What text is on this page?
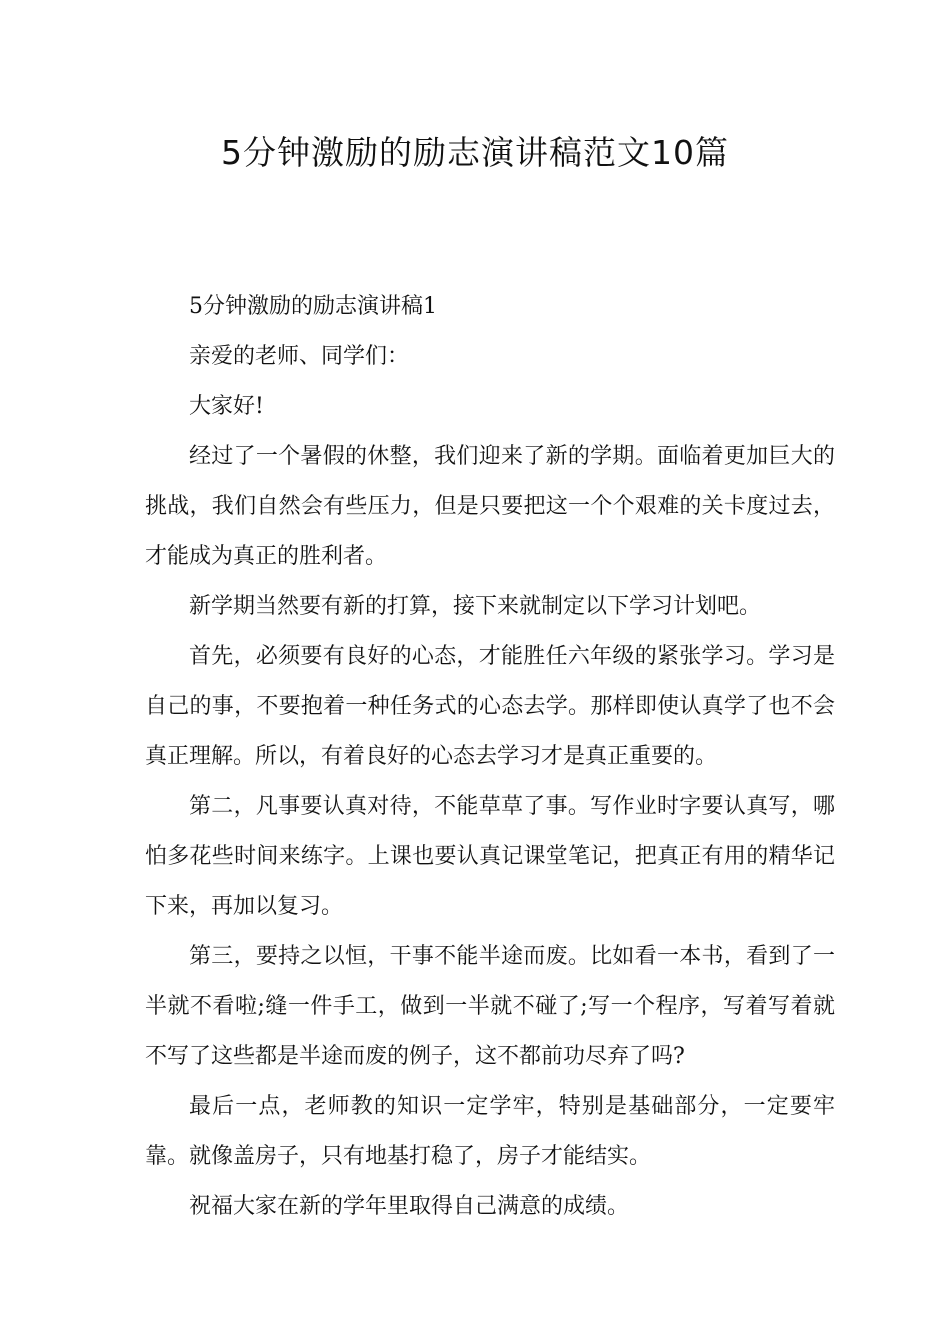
5分钟激励的励志演讲稿范文10篇

5分钟激励的励志演讲稿1

亲爱的老师、同学们：

大家好!

经过了一个暑假的休整，我们迎来了新的学期。面临着更加巨大的挑战，我们自然会有些压力，但是只要把这一个个艰难的关卡度过去，才能成为真正的胜利者。

新学期当然要有新的打算，接下来就制定以下学习计划吧。

首先，必须要有良好的心态，才能胜任六年级的紧张学习。学习是自己的事，不要抱着一种任务式的心态去学。那样即使认真学了也不会真正理解。所以，有着良好的心态去学习才是真正重要的。

第二，凡事要认真对待，不能草草了事。写作业时字要认真写，哪怕多花些时间来练字。上课也要认真记课堂笔记，把真正有用的精华记下来，再加以复习。

第三，要持之以恒，干事不能半途而废。比如看一本书，看到了一半就不看啦;缝一件手工，做到一半就不碰了;写一个程序，写着写着就不写了这些都是半途而废的例子，这不都前功尽弃了吗?

最后一点，老师教的知识一定学牢，特别是基础部分，一定要牢靠。就像盖房子，只有地基打稳了，房子才能结实。

祝福大家在新的学年里取得自己满意的成绩。
